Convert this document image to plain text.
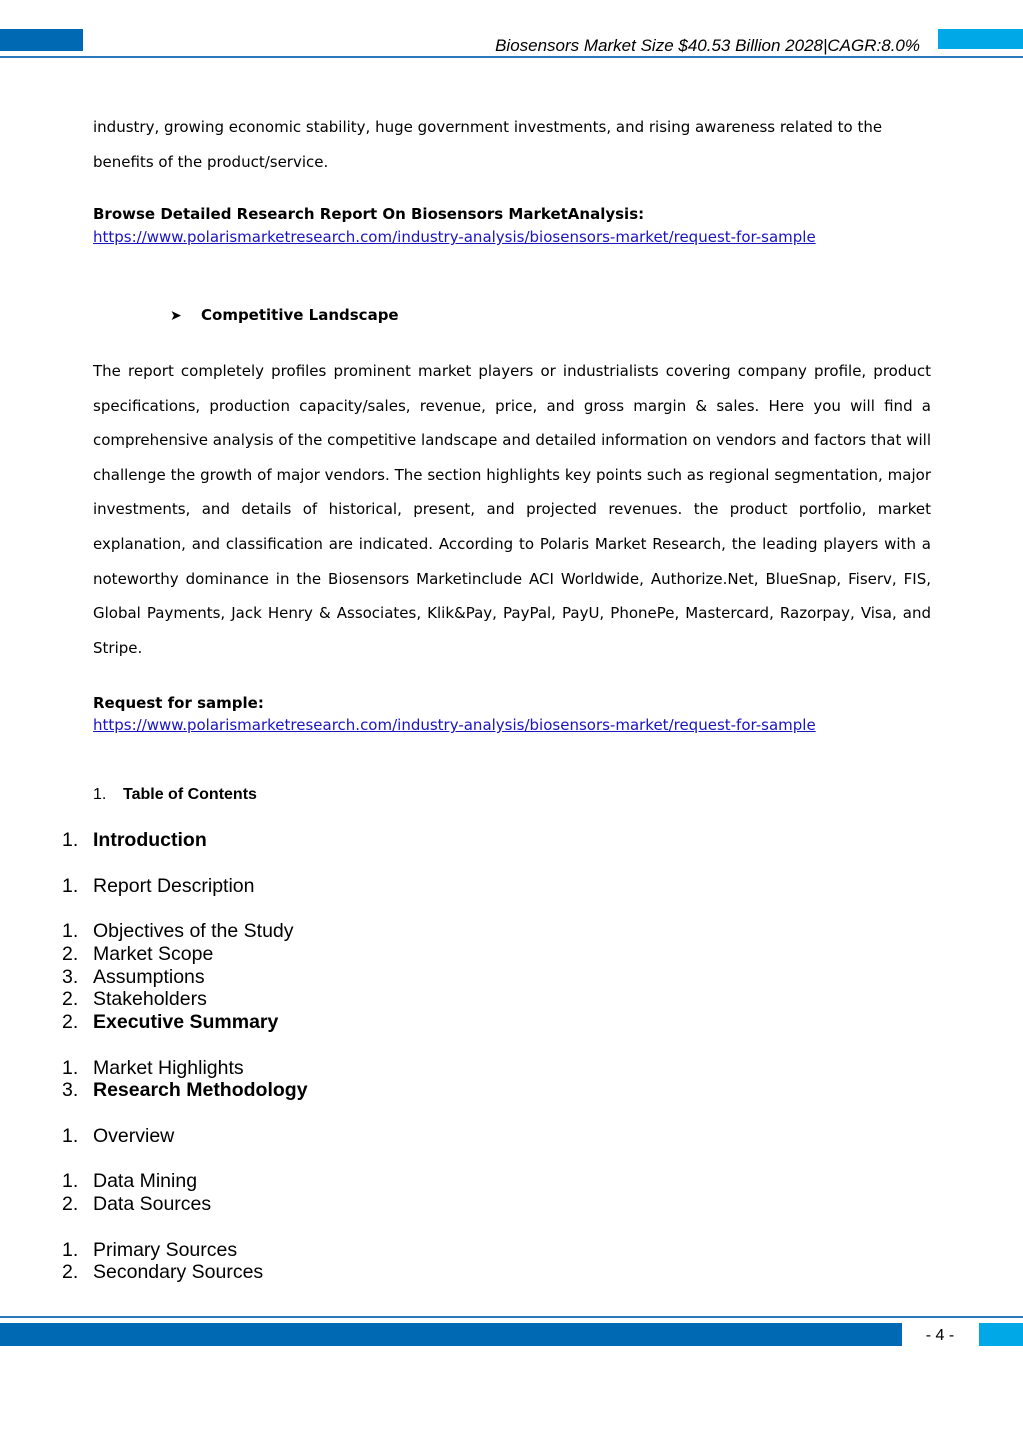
Biosensors Market Size $40.53 Billion 2028|CAGR:8.0%
industry, growing economic stability, huge government investments, and rising awareness related to the benefits of the product/service.
Browse Detailed Research Report On Biosensors MarketAnalysis:
https://www.polarismarketresearch.com/industry-analysis/biosensors-market/request-for-sample
➤ Competitive Landscape
The report completely profiles prominent market players or industrialists covering company profile, product specifications, production capacity/sales, revenue, price, and gross margin & sales. Here you will find a comprehensive analysis of the competitive landscape and detailed information on vendors and factors that will challenge the growth of major vendors. The section highlights key points such as regional segmentation, major investments, and details of historical, present, and projected revenues. the product portfolio, market explanation, and classification are indicated. According to Polaris Market Research, the leading players with a noteworthy dominance in the Biosensors Marketinclude ACI Worldwide, Authorize.Net, BlueSnap, Fiserv, FIS, Global Payments, Jack Henry & Associates, Klik&Pay, PayPal, PayU, PhonePe, Mastercard, Razorpay, Visa, and Stripe.
Request for sample:
https://www.polarismarketresearch.com/industry-analysis/biosensors-market/request-for-sample
1. Table of Contents
1. Introduction
1. Report Description
1. Objectives of the Study
2. Market Scope
3. Assumptions
2. Stakeholders
2. Executive Summary
1. Market Highlights
3. Research Methodology
1. Overview
1. Data Mining
2. Data Sources
1. Primary Sources
2. Secondary Sources
- 4 -
